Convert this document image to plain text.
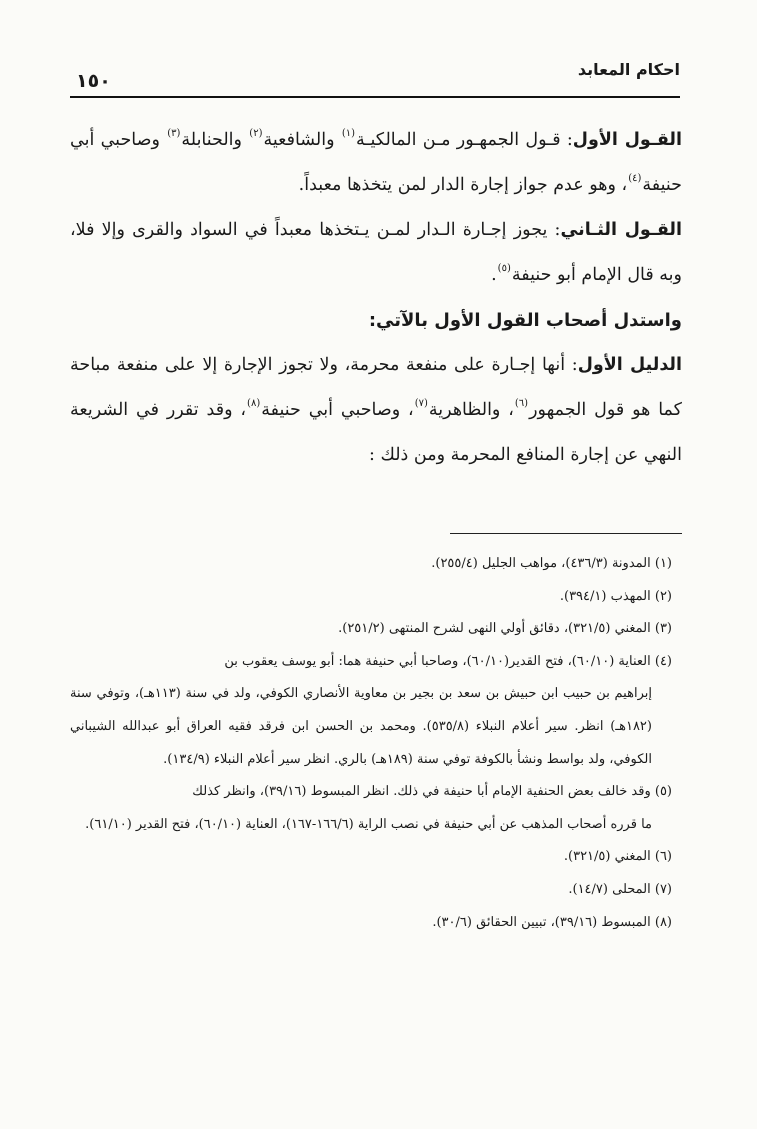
احكام المعابد
١٥٠

القـول الأول: قـول الجمهـور مـن المالكيـة$^{(١)}$ والشافعية$^{(٢)}$ والحنابلة$^{(٣)}$ وصاحبي أبي حنيفة$^{(٤)}$، وهو عدم جواز إجارة الدار لمن يتخذها معبداً.

القـول الثـاني: يجوز إجـارة الـدار لمـن يـتخذها معبداً في السواد والقرى وإلا فلا، وبه قال الإمام أبو حنيفة$^{(٥)}$.

واستدل أصحاب القول الأول بالآتي:

الدليل الأول: أنها إجـارة على منفعة محرمة، ولا تجوز الإجارة إلا على منفعة مباحة كما هو قول الجمهور$^{(٦)}$، والظاهرية$^{(٧)}$، وصاحبي أبي حنيفة$^{(٨)}$، وقد تقرر في الشريعة النهي عن إجارة المنافع المحرمة ومن ذلك :

(١) المدونة (٤٣٦/٣)، مواهب الجليل (٢٥٥/٤).

(٢) المهذب (٣٩٤/١).

(٣) المغني (٣٢١/٥)، دقائق أولي النهى لشرح المنتهى (٢٥١/٢).

(٤) العناية (٦٠/١٠)، فتح القدير(٦٠/١٠)، وصاحبا أبي حنيفة هما: أبو يوسف يعقوب بن

إبراهيم بن حبيب ابن حبيش بن سعد بن بجير بن معاوية الأنصاري الكوفي، ولد في سنة (١١٣هـ)، وتوفي سنة (١٨٢هـ) انظر. سير أعلام النبلاء (٥٣٥/٨). ومحمد بن الحسن ابن فرقد فقيه العراق أبو عبدالله الشيباني الكوفي، ولد بواسط ونشأ بالكوفة توفي سنة (١٨٩هـ) بالري. انظر سير أعلام النبلاء (١٣٤/٩).

(٥) وقد خالف بعض الحنفية الإمام أبا حنيفة في ذلك. انظر المبسوط (٣٩/١٦)، وانظر كذلك

ما قرره أصحاب المذهب عن أبي حنيفة في نصب الراية (١٦٦/٦-١٦٧)، العناية (٦٠/١٠)، فتح القدير (٦١/١٠).

(٦) المغني (٣٢١/٥).

(٧) المحلى (١٤/٧).

(٨) المبسوط (٣٩/١٦)، تبيين الحقائق (٣٠/٦).
